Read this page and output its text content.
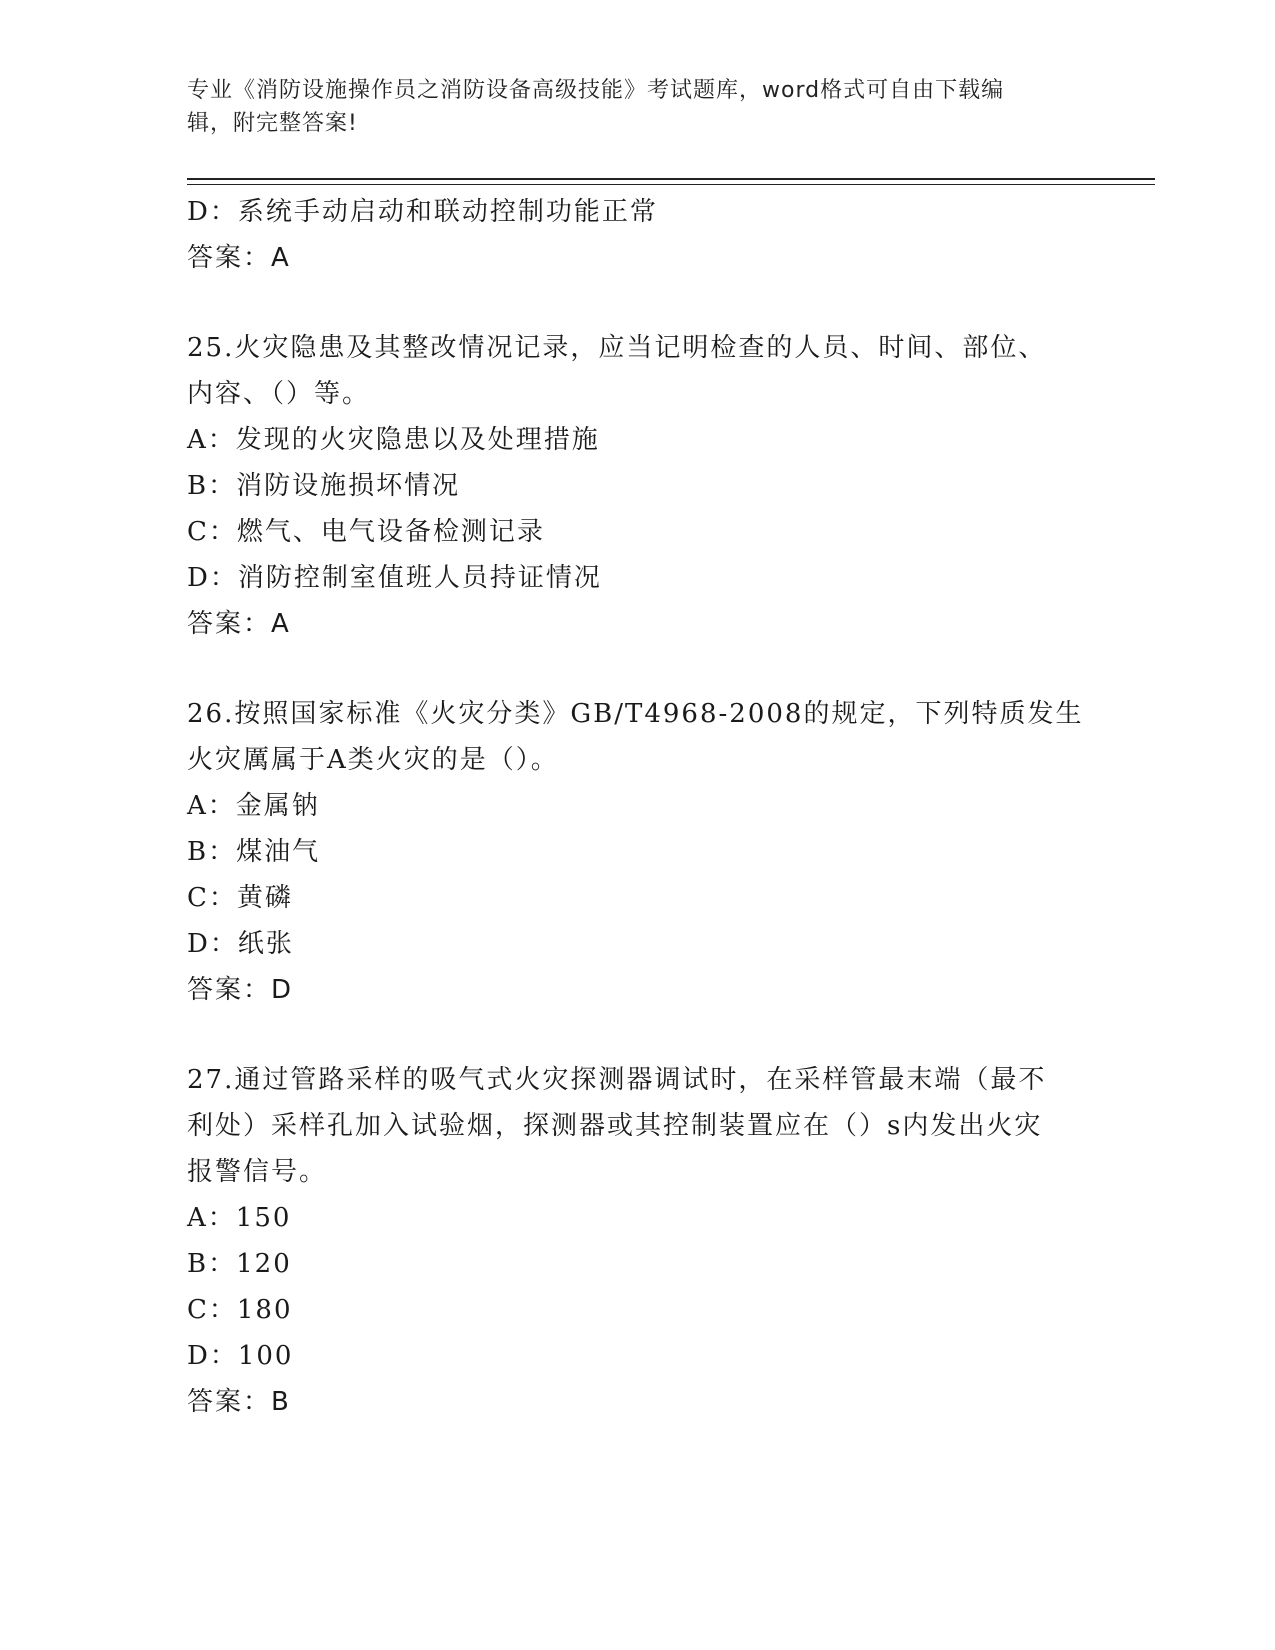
专业《消防设施操作员之消防设备高级技能》考试题库，word格式可自由下载编
辑，附完整答案!
D：系统手动启动和联动控制功能正常
答案：A
25.火灾隐患及其整改情况记录，应当记明检查的人员、时间、部位、
内容、（）等。
A：发现的火灾隐患以及处理措施
B：消防设施损坏情况
C：燃气、电气设备检测记录
D：消防控制室值班人员持证情况
答案：A
26.按照国家标准《火灾分类》GB/T4968-2008的规定，下列特质发生
火灾厲属于A类火灾的是（）。
A：金属钠
B：煤油气
C：黄磷
D：纸张
答案：D
27.通过管路采样的吸气式火灾探测器调试时，在采样管最末端（最不
利处）采样孔加入试验烟，探测器或其控制装置应在（）s内发出火灾
报警信号。
A：150
B：120
C：180
D：100
答案：B
